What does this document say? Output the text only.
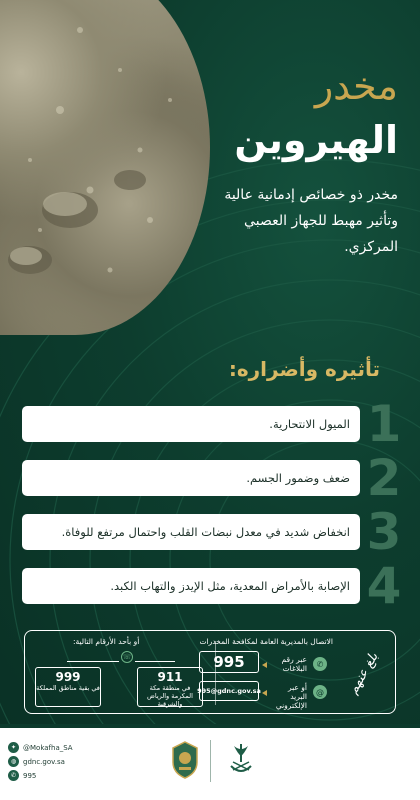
مخدر
الهيروين
مخدر ذو خصائص إدمانية عالية وتأثير مهبط للجهاز العصبي المركزي.
تأثيره وأضراره:
الميول الانتحارية. 1
ضعف وضمور الجسم. 2
انخفاض شديد في معدل نبضات القلب واحتمال مرتفع للوفاة. 3
الإصابة بالأمراض المعدية، مثل الإيدز والتهاب الكبد. 4
بلغ عنهم
الاتصال بالمديرية العامة لمكافحة المخدرات
✆
عبر رقم البلاغات
995
@
أو عبر البريد الإلكتروني
995@gdnc.gov.sa
أو بأحد الأرقام التالية:
☏
911
في منطقة مكة المكرمة والرياض والشرقية
999
في بقية مناطق المملكة
✦ @Mokafha_SA
◍ gdnc.gov.sa
✆ 995
